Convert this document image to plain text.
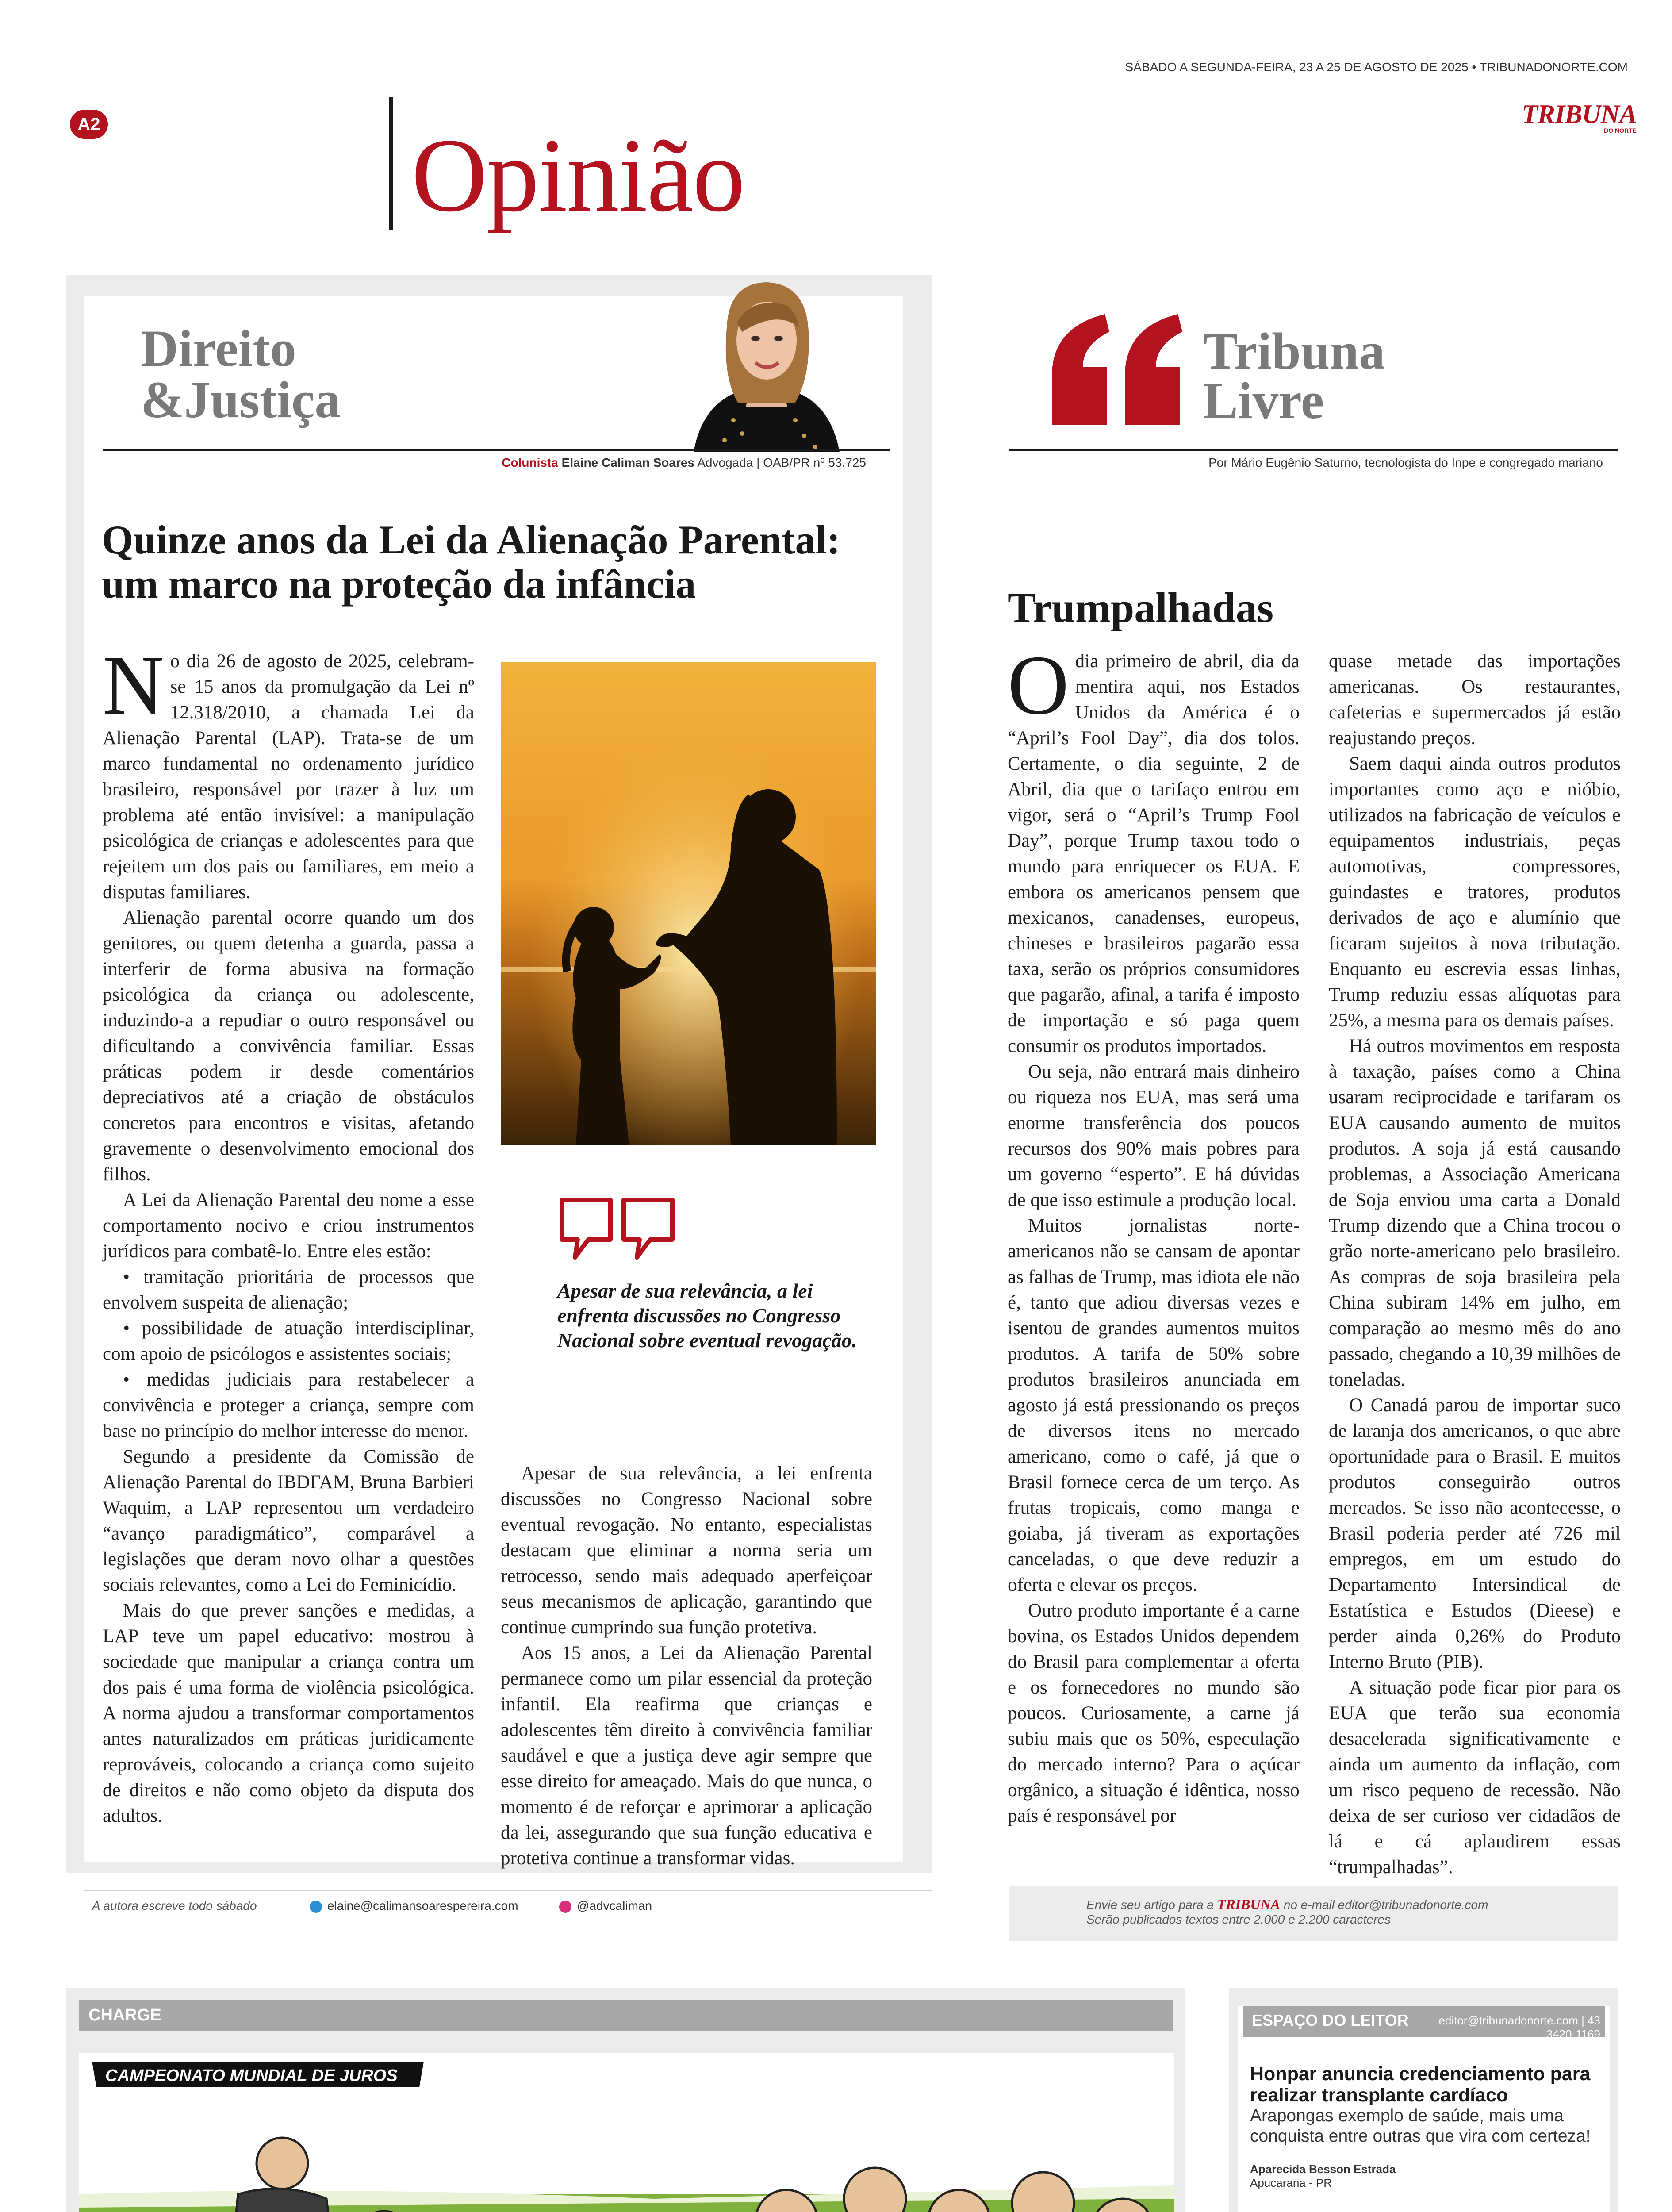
SÁBADO A SEGUNDA-FEIRA, 23 A 25 DE AGOSTO DE 2025 • TRIBUNADONORTE.COM
A2	Opinião
TRIBUNA
DO NORTE
Direito
&Justiça
Colunista Elaine Caliman Soares Advogada | OAB/PR nº 53.725
Quinze anos da Lei da Alienação Parental: um marco na proteção da infância
N o dia 26 de agosto de 2025, celebram-se 15 anos da promulgação da Lei nº 12.318/2010, a chamada Lei da Alienação Parental (LAP). Trata-se de um marco fundamental no ordenamento jurídico brasileiro, responsável por trazer à luz um problema até então invisível: a manipulação psicológica de crianças e adolescentes para que rejeitem um dos pais ou familiares, em meio a disputas familiares.

Alienação parental ocorre quando um dos genitores, ou quem detenha a guarda, passa a interferir de forma abusiva na formação psicológica da criança ou adolescente, induzindo-a a repudiar o outro responsável ou dificultando a convivência familiar. Essas práticas podem ir desde comentários depreciativos até a criação de obstáculos concretos para encontros e visitas, afetando gravemente o desenvolvimento emocional dos filhos.

A Lei da Alienação Parental deu nome a esse comportamento nocivo e criou instrumentos jurídicos para combatê-lo. Entre eles estão:

• tramitação prioritária de processos que envolvem suspeita de alienação;

• possibilidade de atuação interdisciplinar, com apoio de psicólogos e assistentes sociais;

• medidas judiciais para restabelecer a convivência e proteger a criança, sempre com base no princípio do melhor interesse do menor.

Segundo a presidente da Comissão de Alienação Parental do IBDFAM, Bruna Barbieri Waquim, a LAP representou um verdadeiro “avanço paradigmático”, comparável a legislações que deram novo olhar a questões sociais relevantes, como a Lei do Feminicídio.

Mais do que prever sanções e medidas, a LAP teve um papel educativo: mostrou à sociedade que manipular a criança contra um dos pais é uma forma de violência psicológica. A norma ajudou a transformar comportamentos antes naturalizados em práticas juridicamente reprováveis, colocando a criança como sujeito de direitos e não como objeto da disputa dos adultos.

Apesar de sua relevância, a lei enfrenta discussões no Congresso Nacional sobre eventual revogação.

Apesar de sua relevância, a lei enfrenta discussões no Congresso Nacional sobre eventual revogação. No entanto, especialistas destacam que eliminar a norma seria um retrocesso, sendo mais adequado aperfeiçoar seus mecanismos de aplicação, garantindo que continue cumprindo sua função protetiva.

Aos 15 anos, a Lei da Alienação Parental permanece como um pilar essencial da proteção infantil. Ela reafirma que crianças e adolescentes têm direito à convivência familiar saudável e que a justiça deve agir sempre que esse direito for ameaçado. Mais do que nunca, o momento é de reforçar e aprimorar a aplicação da lei, assegurando que sua função educativa e protetiva continue a transformar vidas.

A autora escreve todo sábado	elaine@calimansoarespereira.com	@advcaliman
Tribuna
Livre
Por Mário Eugênio Saturno, tecnologista do Inpe e congregado mariano
Trumpalhadas
O dia primeiro de abril, dia da mentira aqui, nos Estados Unidos da América é o “April’s Fool Day”, dia dos tolos. Certamente, o dia seguinte, 2 de Abril, dia que o tarifaço entrou em vigor, será o “April’s Trump Fool Day”, porque Trump taxou todo o mundo para enriquecer os EUA. E embora os americanos pensem que mexicanos, canadenses, europeus, chineses e brasileiros pagarão essa taxa, serão os próprios consumidores que pagarão, afinal, a tarifa é imposto de importação e só paga quem consumir os produtos importados.

Ou seja, não entrará mais dinheiro ou riqueza nos EUA, mas será uma enorme transferência dos poucos recursos dos 90% mais pobres para um governo “esperto”. E há dúvidas de que isso estimule a produção local.

Muitos jornalistas norte-americanos não se cansam de apontar as falhas de Trump, mas idiota ele não é, tanto que adiou diversas vezes e isentou de grandes aumentos muitos produtos. A tarifa de 50% sobre produtos brasileiros anunciada em agosto já está pressionando os preços de diversos itens no mercado americano, como o café, já que o Brasil fornece cerca de um terço. As frutas tropicais, como manga e goiaba, já tiveram as exportações canceladas, o que deve reduzir a oferta e elevar os preços.

Outro produto importante é a carne bovina, os Estados Unidos dependem do Brasil para complementar a oferta e os fornecedores no mundo são poucos. Curiosamente, a carne já subiu mais que os 50%, especulação do mercado interno? Para o açúcar orgânico, a situação é idêntica, nosso país é responsável por

quase metade das importações americanas. Os restaurantes, cafeterias e supermercados já estão reajustando preços.

Saem daqui ainda outros produtos importantes como aço e nióbio, utilizados na fabricação de veículos e equipamentos industriais, peças automotivas, compressores, guindastes e tratores, produtos derivados de aço e alumínio que ficaram sujeitos à nova tributação. Enquanto eu escrevia essas linhas, Trump reduziu essas alíquotas para 25%, a mesma para os demais países.

Há outros movimentos em resposta à taxação, países como a China usaram reciprocidade e tarifaram os EUA causando aumento de muitos produtos. A soja já está causando problemas, a Associação Americana de Soja enviou uma carta a Donald Trump dizendo que a China trocou o grão norte-americano pelo brasileiro. As compras de soja brasileira pela China subiram 14% em julho, em comparação ao mesmo mês do ano passado, chegando a 10,39 milhões de toneladas.

O Canadá parou de importar suco de laranja dos americanos, o que abre oportunidade para o Brasil. E muitos produtos conseguirão outros mercados. Se isso não acontecesse, o Brasil poderia perder até 726 mil empregos, em um estudo do Departamento Intersindical de Estatística e Estudos (Dieese) e perder ainda 0,26% do Produto Interno Bruto (PIB).

A situação pode ficar pior para os EUA que terão sua economia desacelerada significativamente e ainda um aumento da inflação, com um risco pequeno de recessão. Não deixa de ser curioso ver cidadãos de lá e cá aplaudirem essas “trumpalhadas”.

Envie seu artigo para a TRIBUNA no e-mail editor@tribunadonorte.com
Serão publicados textos entre 2.000 e 2.200 caracteres
CHARGE
CAMPEONATO MUNDIAL DE JUROS
ESPAÇO DO LEITOR	editor@tribunadonorte.com | 43 3420-1169
Honpar anuncia credenciamento para realizar transplante cardíaco
Arapongas exemplo de saúde, mais uma conquista entre outras que vira com certeza!
Aparecida Besson Estrada
Apucarana - PR
